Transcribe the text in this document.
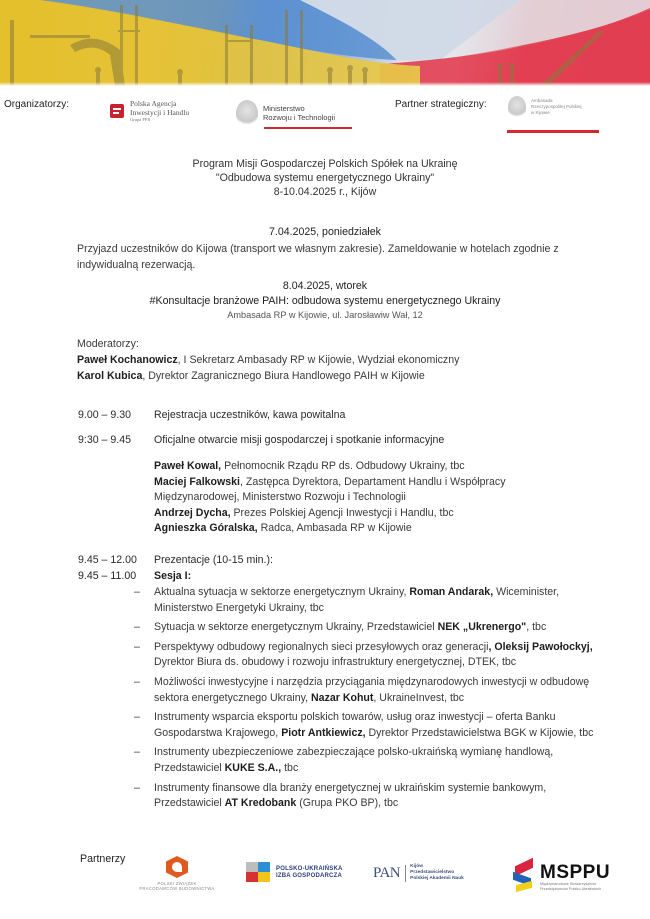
Organizatorzy:	Polska Agencja
Inwestycji i Handlu
Grupa PFR
Ministerstwo
Rozwoju i Technologii
Partner strategiczny:	Ambasada
Rzeczypospolitej Polskiej
w Kijowie
Program Misji Gospodarczej Polskich Spółek na Ukrainę
"Odbudowa systemu energetycznego Ukrainy"
8-10.04.2025 r., Kijów
7.04.2025, poniedziałek
Przyjazd uczestników do Kijowa (transport we własnym zakresie). Zameldowanie w hotelach zgodnie z indywidualną rezerwacją.
8.04.2025, wtorek
#Konsultacje branżowe PAIH: odbudowa systemu energetycznego Ukrainy
Ambasada RP w Kijowie, ul. Jarosławiw Wał, 12
Moderatorzy:
Paweł Kochanowicz, I Sekretarz Ambasady RP w Kijowie, Wydział ekonomiczny
Karol Kubica, Dyrektor Zagranicznego Biura Handlowego PAIH w Kijowie
9.00 – 9.30 Rejestracja uczestników, kawa powitalna
9:30 – 9.45 Oficjalne otwarcie misji gospodarczej i spotkanie informacyjne
Paweł Kowal, Pełnomocnik Rządu RP ds. Odbudowy Ukrainy, tbc
Maciej Falkowski, Zastępca Dyrektora, Departament Handlu i Współpracy Międzynarodowej, Ministerstwo Rozwoju i Technologii
Andrzej Dycha, Prezes Polskiej Agencji Inwestycji i Handlu, tbc
Agnieszka Góralska, Radca, Ambasada RP w Kijowie
9.45 – 12.00 Prezentacje (10-15 min.):
9.45 – 11.00 Sesja I:
– Aktualna sytuacja w sektorze energetycznym Ukrainy, Roman Andarak, Wiceminister, Ministerstwo Energetyki Ukrainy, tbc
– Sytuacja w sektorze energetycznym Ukrainy, Przedstawiciel NEK „Ukrenergo", tbc
– Perspektywy odbudowy regionalnych sieci przesyłowych oraz generacji, Oleksij Pawołockyj, Dyrektor Biura ds. obudowy i rozwoju infrastruktury energetycznej, DTEK, tbc
– Możliwości inwestycyjne i narzędzia przyciągania międzynarodowych inwestycji w odbudowę sektora energetycznego Ukrainy, Nazar Kohut, UkraineInvest, tbc
– Instrumenty wsparcia eksportu polskich towarów, usług oraz inwestycji – oferta Banku Gospodarstwa Krajowego, Piotr Antkiewicz, Dyrektor Przedstawicielstwa BGK w Kijowie, tbc
– Instrumenty ubezpieczeniowe zabezpieczające polsko-ukraińską wymianę handlową, Przedstawiciel KUKE S.A., tbc
– Instrumenty finansowe dla branży energetycznej w ukraińskim systemie bankowym, Przedstawiciel AT Kredobank (Grupa PKO BP), tbc
Partnerzy
POLSKI ZWIĄZEK
PRACODAWCÓW BUDOWNICTWA
POLSKO-UKRAIŃSKA
IZBA GOSPODARCZA PAN	Kijów
Przedstawicielstwo
Polskiej Akademii Nauk	MSPPU
Międzynarodowe Stowarzyszenie
Przedsiębiorców Polsko-Ukraińskich
